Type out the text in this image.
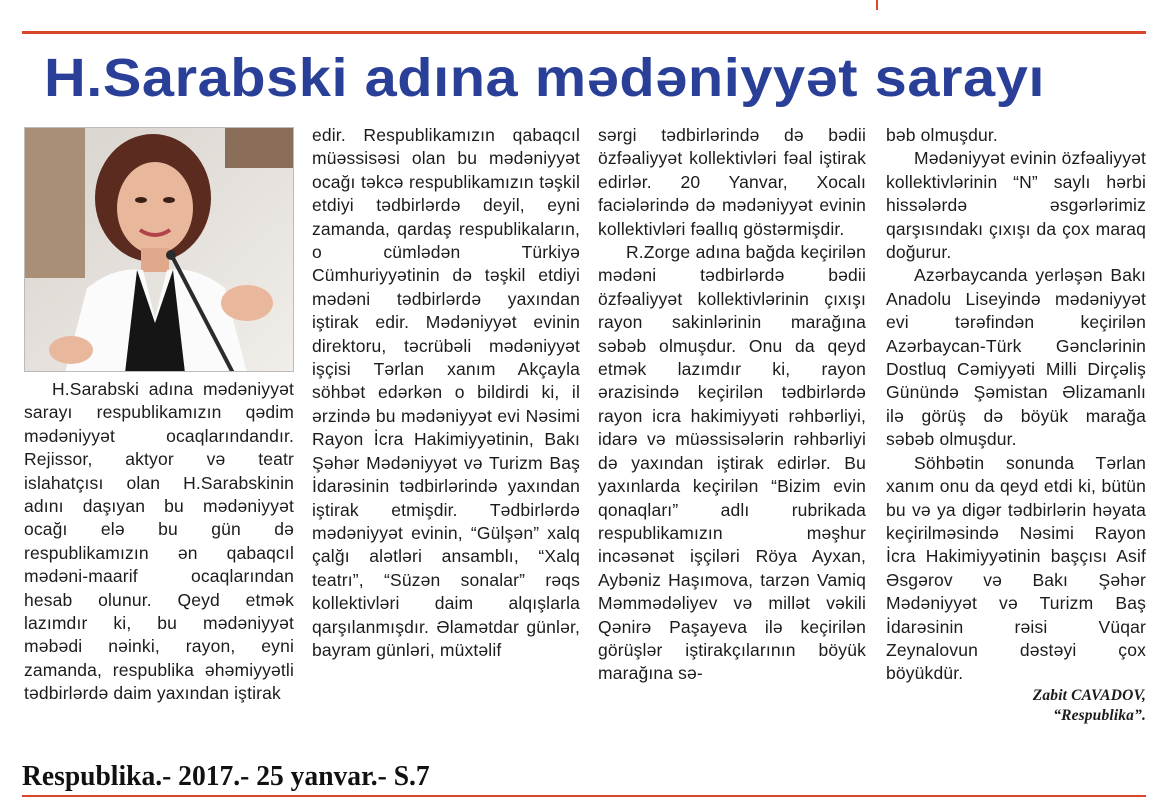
H.Sarabski adına mədəniyyət sarayı

H.Sarabski adına mədəniyyət sarayı respublikamızın qədim mədəniyyət ocaqlarındandır. Rejissor, aktyor və teatr islahatçısı olan H.Sarabskinin adını daşıyan bu mədəniyyət ocağı elə bu gün də respublikamızın ən qabaqcıl mədəni-maarif ocaqlarından hesab olunur. Qeyd etmək lazımdır ki, bu mədəniyyət məbədi nəinki, rayon, eyni zamanda, respublika əhəmiyyətli tədbirlərdə daim yaxından iştirak

edir. Respublikamızın qabaqcıl müəssisəsi olan bu mədəniyyət ocağı təkcə respublikamızın təşkil etdiyi tədbirlərdə deyil, eyni zamanda, qardaş respublikaların, o cümlədən Türkiyə Cümhuriyyətinin də təşkil etdiyi mədəni tədbirlərdə yaxından iştirak edir. Mədəniyyət evinin direktoru, təcrübəli mədəniyyət işçisi Tərlan xanım Akçayla söhbət edərkən o bildirdi ki, il ərzində bu mədəniyyət evi Nəsimi Rayon İcra Hakimiyyətinin, Bakı Şəhər Mədəniyyət və Turizm Baş İdarəsinin tədbirlərində yaxından iştirak etmişdir. Tədbirlərdə mədəniyyət evinin, “Gülşən” xalq çalğı alətləri ansamblı, “Xalq teatrı”, “Süzən sonalar” rəqs kollektivləri daim alqışlarla qarşılanmışdır. Əlamətdar günlər, bayram günləri, müxtəlif

sərgi tədbirlərində də bədii özfəaliyyət kollektivləri fəal iştirak edirlər. 20 Yanvar, Xocalı faciələrində də mədəniyyət evinin kollektivləri fəallıq göstərmişdir.

R.Zorge adına bağda keçirilən mədəni tədbirlərdə bədii özfəaliyyət kollektivlərinin çıxışı rayon sakinlərinin marağına səbəb olmuşdur. Onu da qeyd etmək lazımdır ki, rayon ərazisində keçirilən tədbirlərdə rayon icra hakimiyyəti rəhbərliyi, idarə və müəssisələrin rəhbərliyi də yaxından iştirak edirlər. Bu yaxınlarda keçirilən “Bizim evin qonaqları” adlı rubrikada respublikamızın məşhur incəsənət işçiləri Röya Ayxan, Aybəniz Haşımova, tarzən Vamiq Məmmədəliyev və millət vəkili Qənirə Paşayeva ilə keçirilən görüşlər iştirakçılarının böyük marağına sə-

bəb olmuşdur.

Mədəniyyət evinin özfəaliyyət kollektivlərinin “N” saylı hərbi hissələrdə əsgərlərimiz qarşısındakı çıxışı da çox maraq doğurur.

Azərbaycanda yerləşən Bakı Anadolu Liseyində mədəniyyət evi tərəfindən keçirilən Azərbaycan-Türk Gənclərinin Dostluq Cəmiyyəti Milli Dirçəliş Günündə Şəmistan Əlizamanlı ilə görüş də böyük marağa səbəb olmuşdur.

Söhbətin sonunda Tərlan xanım onu da qeyd etdi ki, bütün bu və ya digər tədbirlərin həyata keçirilməsində Nəsimi Rayon İcra Hakimiyyətinin başçısı Asif Əsgərov və Bakı Şəhər Mədəniyyət və Turizm Baş İdarəsinin rəisi Vüqar Zeynalovun dəstəyi çox böyükdür.

Zabit CAVADOV,
“Respublika”.
Respublika.- 2017.- 25 yanvar.- S.7
